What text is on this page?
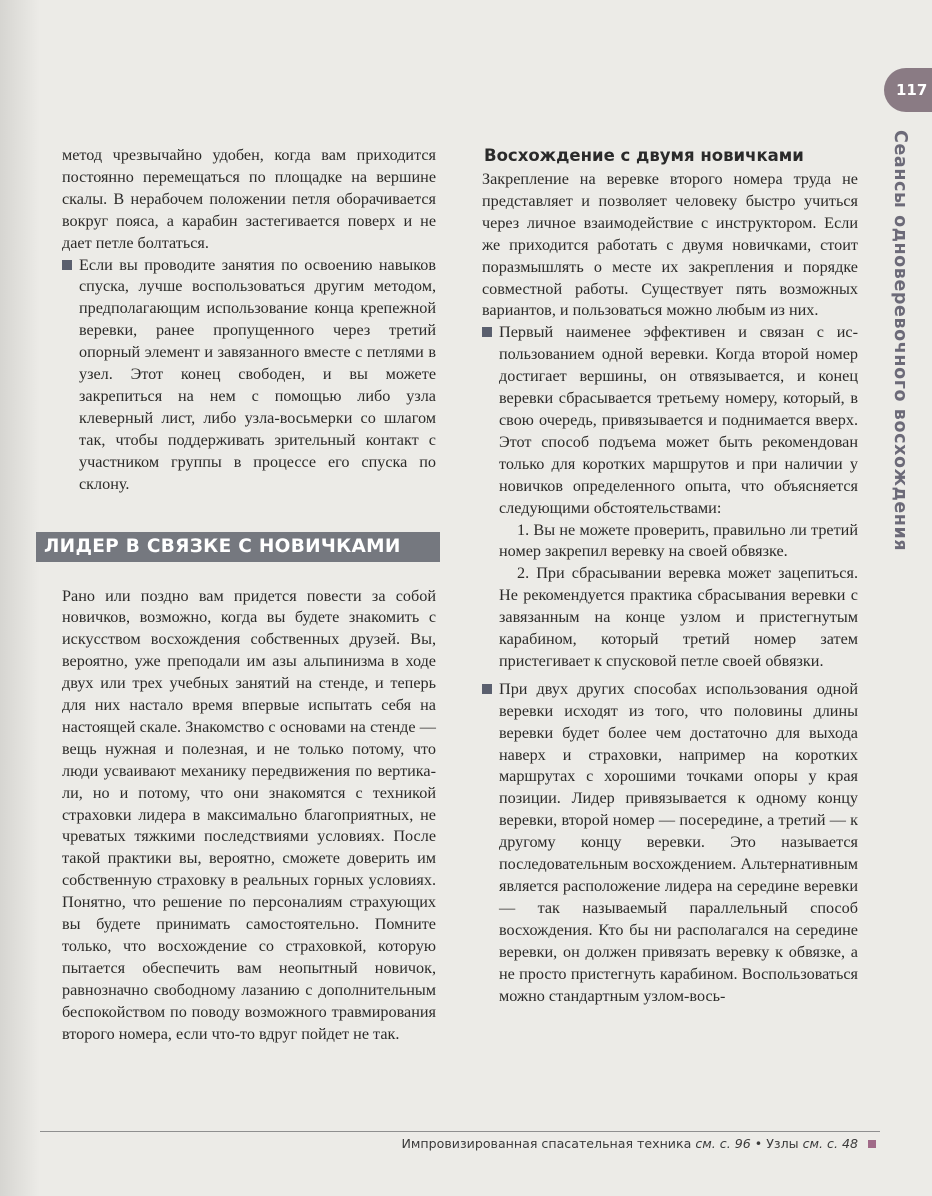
117
Сеансы одноверевочного восхождения

метод чрезвычайно удобен, когда вам приходится постоянно перемещаться по площадке на вершине скалы. В нерабочем положении петля оборачивается вокруг пояса, а карабин застегивается поверх и не дает петле болтаться.

Если вы проводите занятия по освоению навыков спуска, лучше воспользоваться другим методом, предполагающим использование конца крепежной веревки, ранее пропущенного через третий опорный элемент и завязанного вместе с петлями в узел. Этот конец свободен, и вы можете закрепиться на нем с помощью либо узла клеверный лист, либо узла-восьмерки со шлагом так, чтобы поддерживать зрительный контакт с участником группы в процессе его спуска по склону.
ЛИДЕР В СВЯЗКЕ С НОВИЧКАМИ

Рано или поздно вам придется повести за собой новичков, возможно, когда вы будете знакомить с искусством восхождения собственных друзей. Вы, вероятно, уже преподали им азы альпинизма в ходе двух или трех учебных занятий на стенде, и теперь для них настало время впервые испытать себя на настоящей скале. Знакомство с основами на стенде — вещь нужная и полезная, и не только потому, что люди усваивают механику передвижения по вертикали, но и потому, что они знакомятся с техникой страховки лидера в максимально благоприятных, не чреватых тяжкими последствиями условиях. После такой практики вы, вероятно, сможете доверить им собственную страховку в реальных горных условиях. Понятно, что решение по персоналиям страхующих вы будете принимать самостоятельно. Помните только, что восхождение со страховкой, которую пытается обеспечить вам неопытный новичок, равнозначно свободному лазанию с дополнительным беспокойством по поводу возможного травмирования второго номера, если что-то вдруг пойдет не так.

Восхождение с двумя новичками

Закрепление на веревке второго номера труда не представляет и позволяет человеку быстро учиться через личное взаимодействие с инструктором. Если же приходится работать с двумя новичками, стоит поразмышлять о месте их закрепления и порядке совместной работы. Существует пять возможных вариантов, и пользоваться можно любым из них.

Первый наименее эффективен и связан с использованием одной веревки. Когда второй номер достигает вершины, он отвязывается, и конец веревки сбрасывается третьему номеру, который, в свою очередь, привязывается и поднимается вверх. Этот способ подъема может быть рекомендован только для коротких маршрутов и при наличии у новичков определенного опыта, что объясняется следующими обстоятельствами:

1. Вы не можете проверить, правильно ли третий номер закрепил веревку на своей обвязке.

2. При сбрасывании веревка может зацепиться. Не рекомендуется практика сбрасывания веревки с завязанным на конце узлом и пристегнутым карабином, который третий номер затем пристегивает к спусковой петле своей обвязки.

При двух других способах использования одной веревки исходят из того, что половины длины веревки будет более чем достаточно для выхода наверх и страховки, например на коротких маршрутах с хорошими точками опоры у края позиции. Лидер привязывается к одному концу веревки, второй номер — посередине, а третий — к другому концу веревки. Это называется последовательным восхождением. Альтернативным является расположение лидера на середине веревки — так называемый параллельный способ восхождения. Кто бы ни располагался на середине веревки, он должен привязать веревку к обвязке, а не просто пристегнуть карабином. Воспользоваться можно стандартным узлом-вось-
Импровизированная спасательная техника см. с. 96 • Узлы см. с. 48
